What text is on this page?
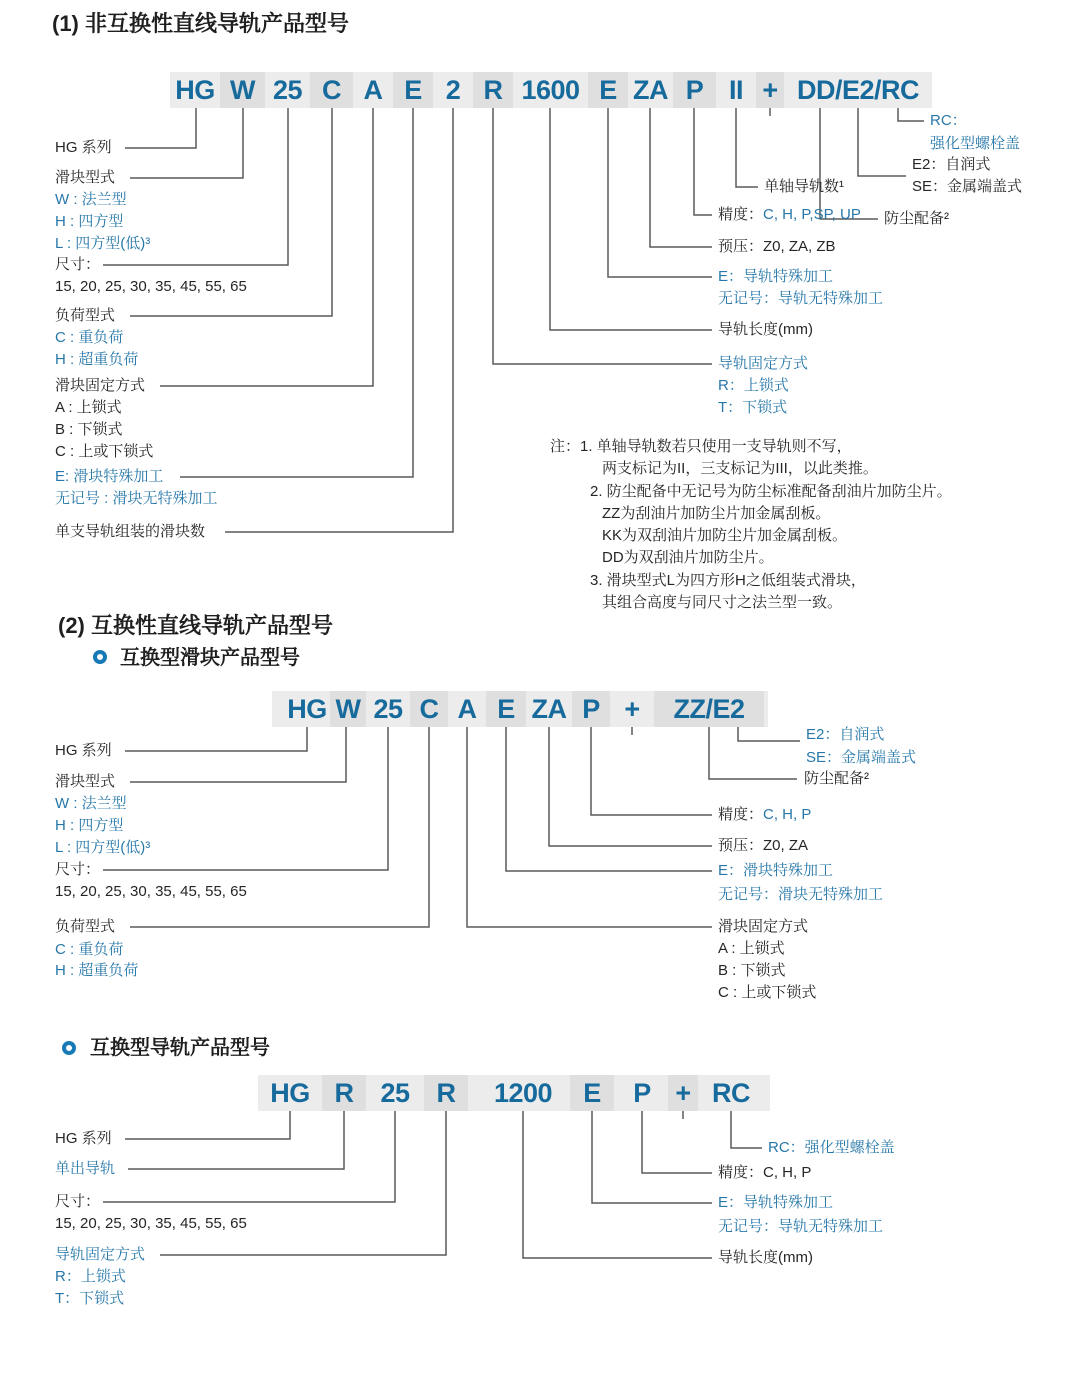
(1) 非互换性直线导轨产品型号
HG W 25 C A E 2 R 1600 E ZA P II + DD/E2/RC
HG 系列
滑块型式
W : 法兰型
H : 四方型
L : 四方型(低)³
尺寸：
15, 20, 25, 30, 35, 45, 55, 65
负荷型式
C : 重负荷
H : 超重负荷
滑块固定方式
A : 上锁式
B : 下锁式
C : 上或下锁式
E: 滑块特殊加工
无记号 : 滑块无特殊加工
单支导轨组装的滑块数
RC：
强化型螺栓盖
E2：自润式
SE：金属端盖式
单轴导轨数¹
精度：C, H, P,SP, UP 防尘配备²
预压：Z0, ZA, ZB
E：导轨特殊加工
无记号：导轨无特殊加工
导轨长度(mm)
导轨固定方式
R：上锁式
T：下锁式
注：1. 单轴导轨数若只使用一支导轨则不写，
两支标记为II，三支标记为III，以此类推。
2. 防尘配备中无记号为防尘标准配备刮油片加防尘片。
ZZ为刮油片加防尘片加金属刮板。
KK为双刮油片加防尘片加金属刮板。
DD为双刮油片加防尘片。
3. 滑块型式L为四方形H之低组装式滑块，
其组合高度与同尺寸之法兰型一致。
(2) 互换性直线导轨产品型号
互换型滑块产品型号
HG W 25 C A E ZA P +	ZZ/E2
HG 系列
滑块型式
W : 法兰型
H : 四方型
L : 四方型(低)³
尺寸：
15, 20, 25, 30, 35, 45, 55, 65
负荷型式
C : 重负荷
H : 超重负荷
E2：自润式
SE：金属端盖式
防尘配备²
精度：C, H, P
预压：Z0, ZA
E：滑块特殊加工
无记号：滑块无特殊加工
滑块固定方式
A : 上锁式
B : 下锁式
C : 上或下锁式
互换型导轨产品型号
HG R 25 R	1200	E	P + RC
HG 系列
单出导轨
尺寸：
15, 20, 25, 30, 35, 45, 55, 65
导轨固定方式
R：上锁式
T：下锁式
RC：强化型螺栓盖
精度：C, H, P
E：导轨特殊加工
无记号：导轨无特殊加工
导轨长度(mm)
